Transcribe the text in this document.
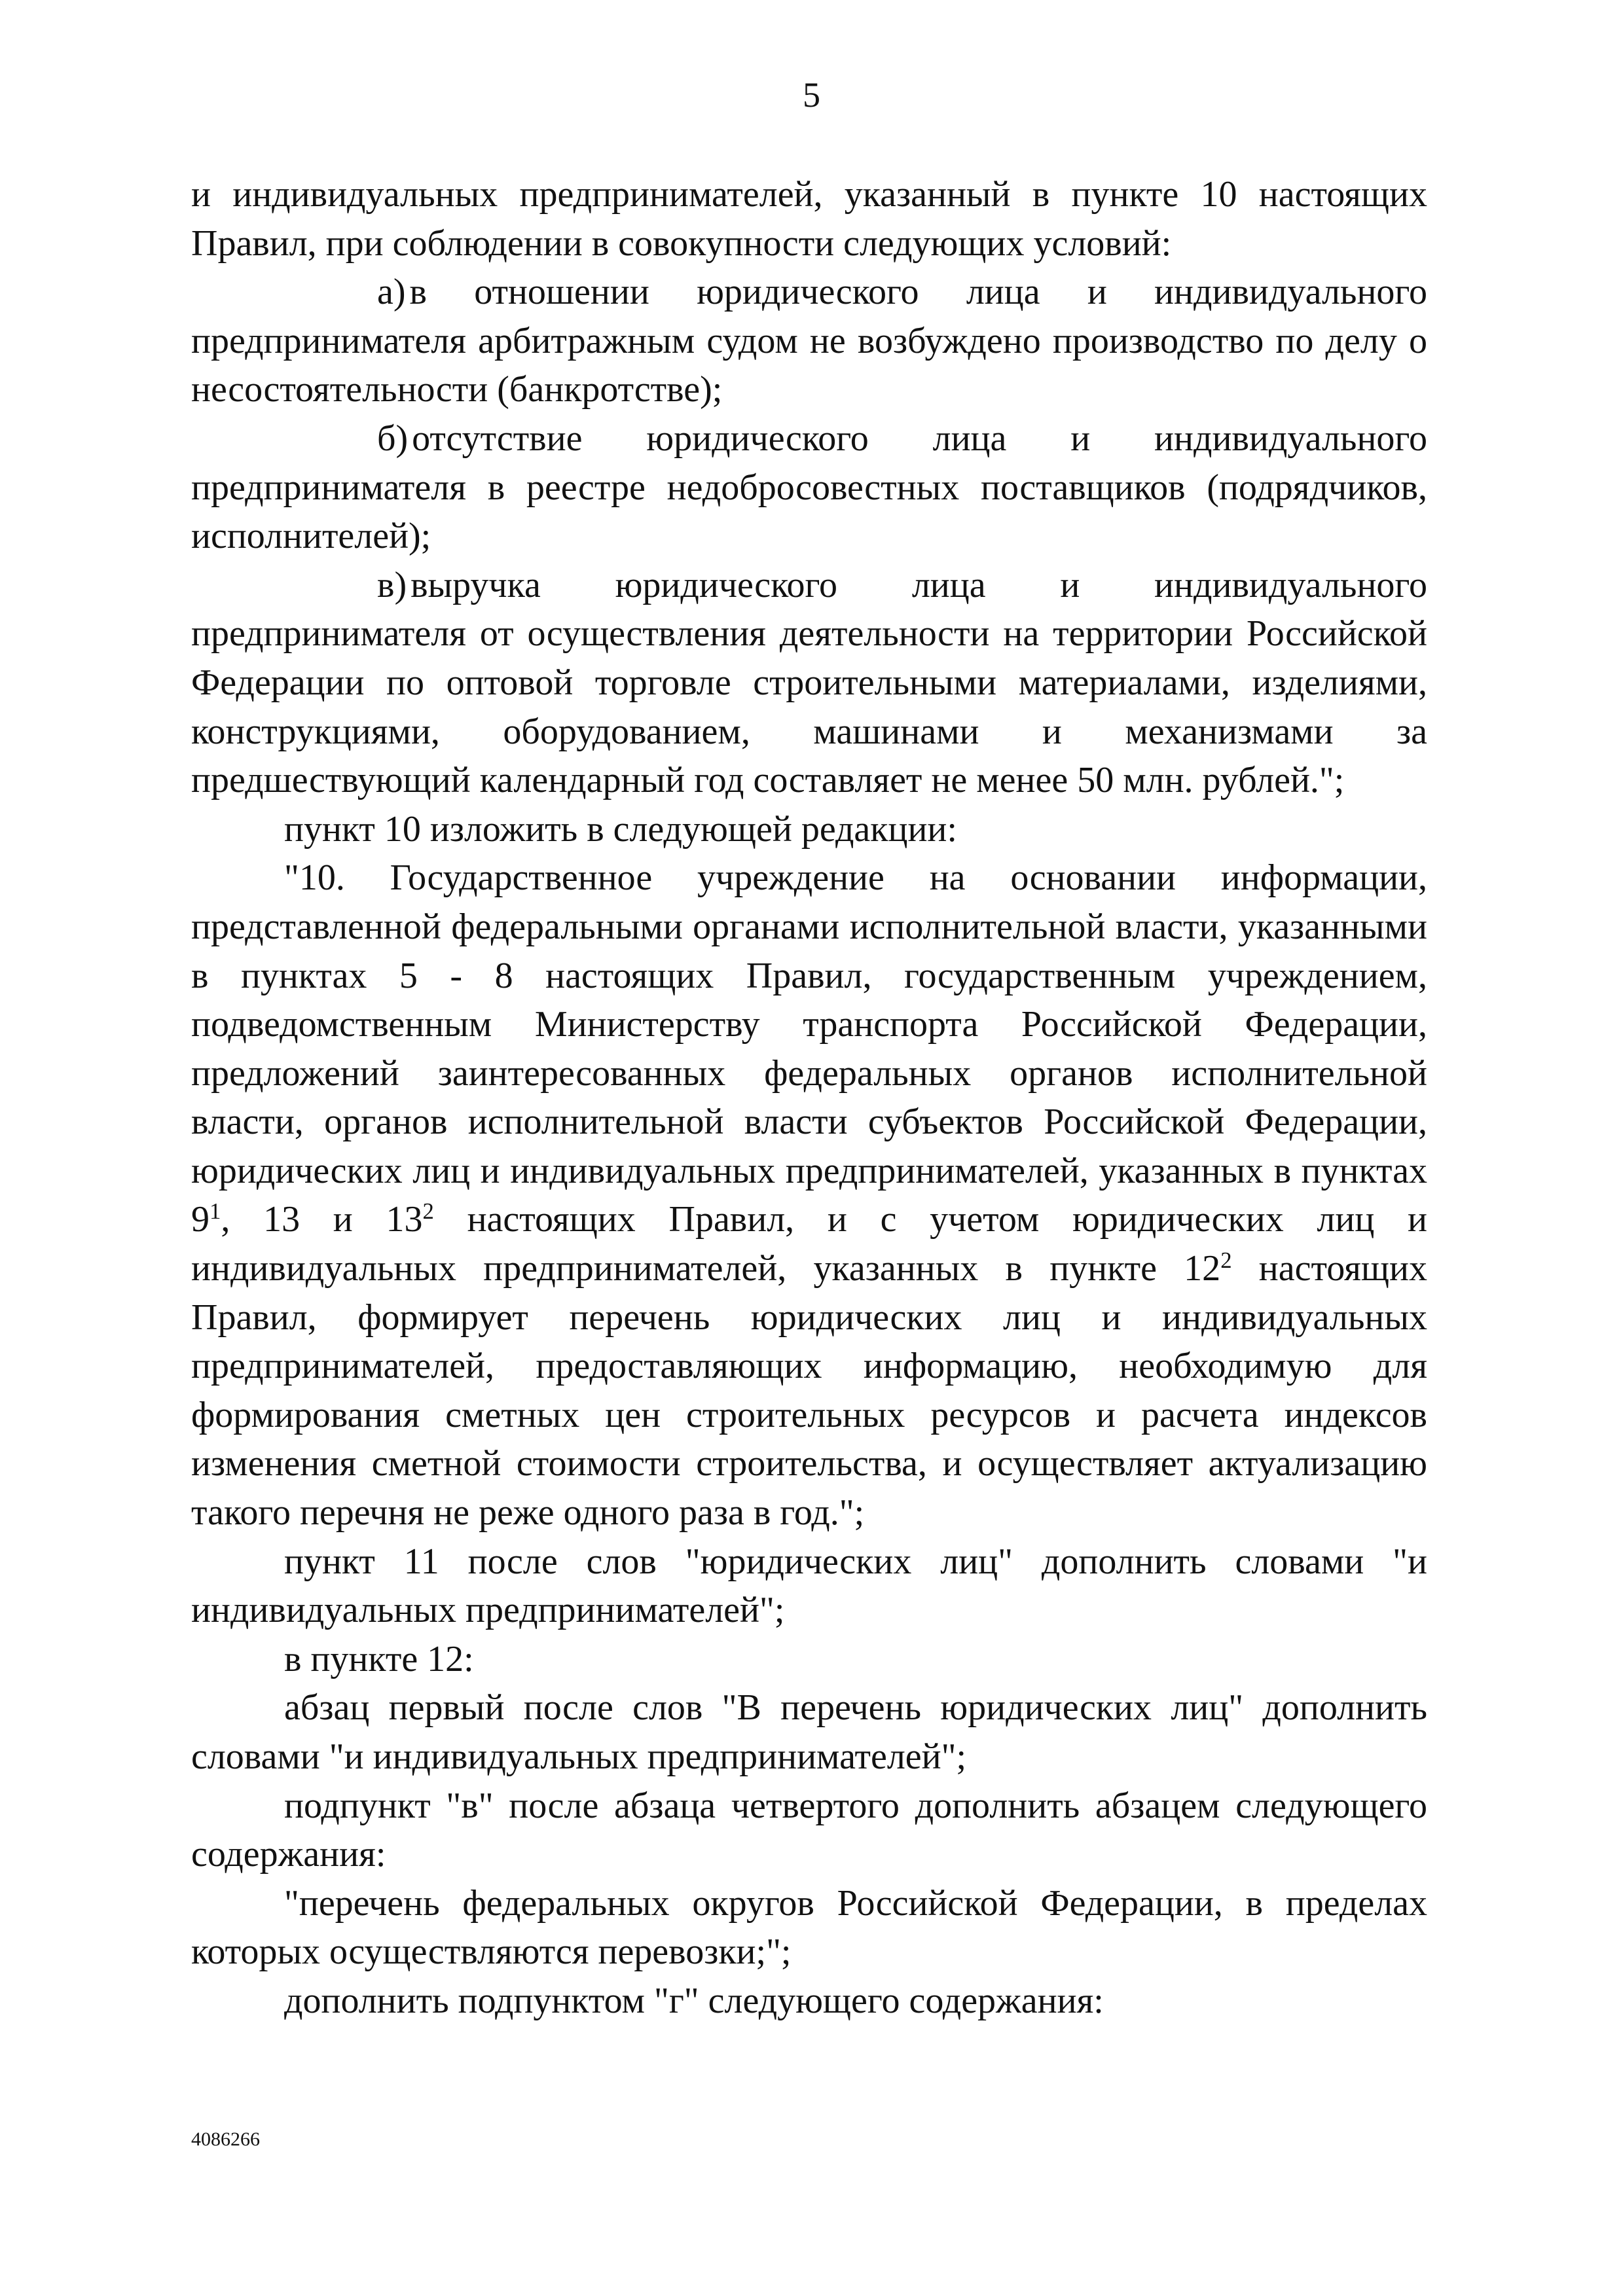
5

и индивидуальных предпринимателей, указанный в пункте 10 настоящих Правил, при соблюдении в совокупности следующих условий:

а) в отношении юридического лица и индивидуального предпринимателя арбитражным судом не возбуждено производство по делу о несостоятельности (банкротстве);

б) отсутствие юридического лица и индивидуального предпринимателя в реестре недобросовестных поставщиков (подрядчиков, исполнителей);

в) выручка юридического лица и индивидуального предпринимателя от осуществления деятельности на территории Российской Федерации по оптовой торговле строительными материалами, изделиями, конструкциями, оборудованием, машинами и механизмами за предшествующий календарный год составляет не менее 50 млн. рублей.";

пункт 10 изложить в следующей редакции:

"10. Государственное учреждение на основании информации, представленной федеральными органами исполнительной власти, указанными в пунктах 5 - 8 настоящих Правил, государственным учреждением, подведомственным Министерству транспорта Российской Федерации, предложений заинтересованных федеральных органов исполнительной власти, органов исполнительной власти субъектов Российской Федерации, юридических лиц и индивидуальных предпринимателей, указанных в пунктах $9^1$, 13 и $13^2$ настоящих Правил, и с учетом юридических лиц и индивидуальных предпринимателей, указанных в пункте $12^2$ настоящих Правил, формирует перечень юридических лиц и индивидуальных предпринимателей, предоставляющих информацию, необходимую для формирования сметных цен строительных ресурсов и расчета индексов изменения сметной стоимости строительства, и осуществляет актуализацию такого перечня не реже одного раза в год.";

пункт 11 после слов "юридических лиц" дополнить словами "и индивидуальных предпринимателей";

в пункте 12:

абзац первый после слов "В перечень юридических лиц" дополнить словами "и индивидуальных предпринимателей";

подпункт "в" после абзаца четвертого дополнить абзацем следующего содержания:

"перечень федеральных округов Российской Федерации, в пределах которых осуществляются перевозки;";

дополнить подпунктом "г" следующего содержания:

4086266
